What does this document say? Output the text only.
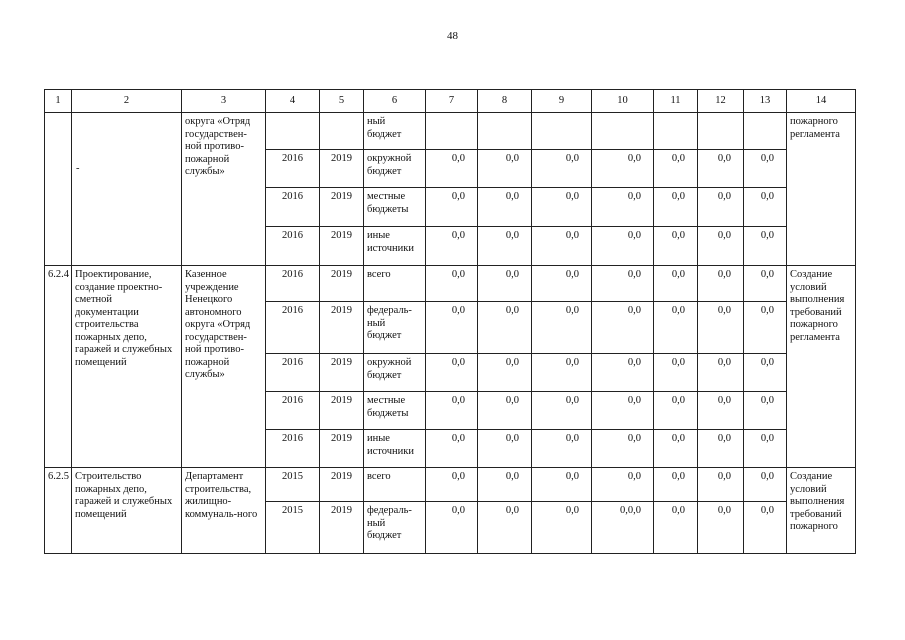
48
1	2	3	4	5	6	7	8	9	10	11	12	13	14

	-	округа «Отряд государствен-ной противо-пожарной службы»			ный бюджет								пожарного регламента
			2016	2019	окружной бюджет	0,0	0,0	0,0	0,0	0,0	0,0	0,0	
			2016	2019	местные бюджеты	0,0	0,0	0,0	0,0	0,0	0,0	0,0	
			2016	2019	иные источники	0,0	0,0	0,0	0,0	0,0	0,0	0,0	
6.2.4	Проектирование, создание проектно-сметной документации строительства пожарных депо, гаражей и служебных помещений	Казенное учреждение Ненецкого автономного округа «Отряд государствен-ной противо-пожарной службы»	2016	2019	всего	0,0	0,0	0,0	0,0	0,0	0,0	0,0	Создание условий выполнения требований пожарного регламента
			2016	2019	федераль-ный бюджет	0,0	0,0	0,0	0,0	0,0	0,0	0,0	
			2016	2019	окружной бюджет	0,0	0,0	0,0	0,0	0,0	0,0	0,0	
			2016	2019	местные бюджеты	0,0	0,0	0,0	0,0	0,0	0,0	0,0	
			2016	2019	иные источники	0,0	0,0	0,0	0,0	0,0	0,0	0,0	
6.2.5	Строительство пожарных депо, гаражей и служебных помещений	Департамент строительства, жилищно-коммуналь-ного	2015	2019	всего	0,0	0,0	0,0	0,0	0,0	0,0	0,0	Создание условий выполнения требований пожарного
			2015	2019	федераль-ный бюджет	0,0	0,0	0,0	0,0,0	0,0	0,0	0,0	
